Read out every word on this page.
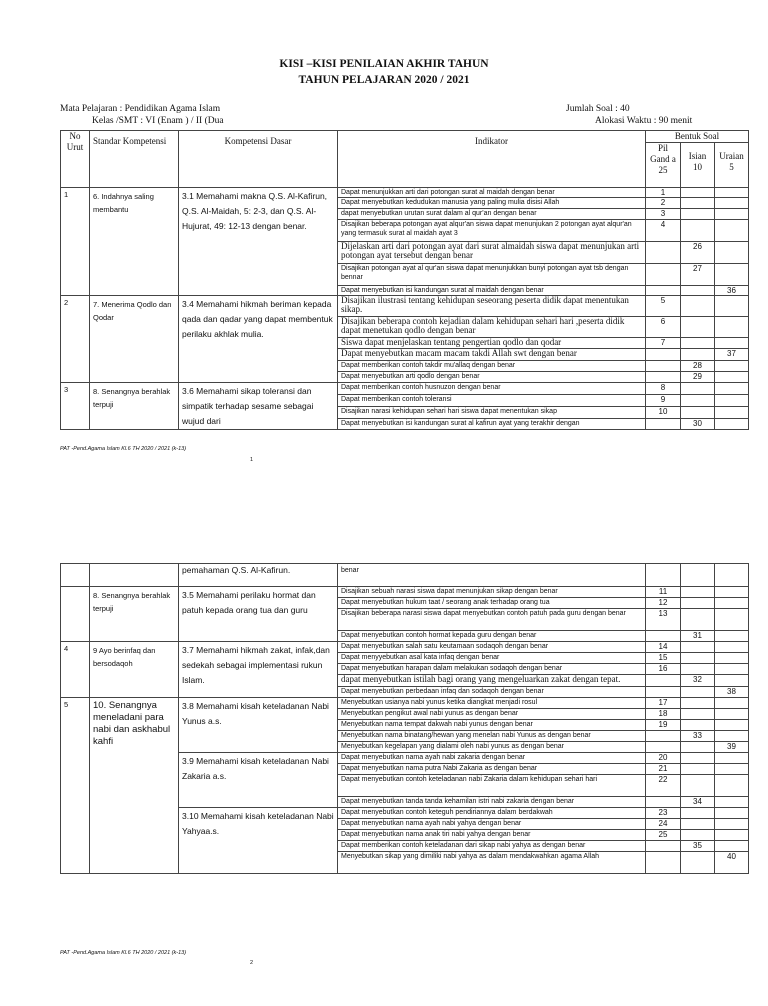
KISI –KISI PENILAIAN AKHIR TAHUN
TAHUN PELAJARAN 2020 / 2021
Mata Pelajaran : Pendidikan Agama Islam
Kelas /SMT : VI (Enam ) / II (Dua
Jumlah Soal : 40
Alokasi Waktu : 90 menit
No Urut	Standar Kompetensi	Kompetensi Dasar	Indikator	Bentuk Soal		
				Pil Gand a 25	Isian 10	Uraian 5
1	6. Indahnya saling membantu	3.1 Memahami makna Q.S. Al-Kafirun, Q.S. Al-Maidah, 5: 2-3, dan Q.S. Al-Hujurat, 49: 12-13 dengan benar.	Dapat menunjukkan arti dari potongan surat al maidah dengan benar	1		
			Dapat menyebutkan kedudukan manusia yang paling mulia disisi Allah	2		
			dapat menyebutkan urutan surat dalam al qur'an dengan benar	3		
			Disajikan beberapa potongan ayat alqur'an siswa dapat menunjukan 2 potongan ayat alqur'an yang termasuk surat al maidah ayat 3	4		
			Dijelaskan arti dari potongan ayat dari surat almaidah siswa dapat menunjukan arti potongan ayat tersebut dengan benar		26	
			Disajikan potongan ayat al qur'an siswa dapat menunjukkan bunyi potongan ayat tsb dengan bennar		27	
			Dapat menyebutkan isi kandungan surat al maidah dengan benar			36
2	7. Menerima Qodlo dan Qodar	3.4 Memahami hikmah beriman kepada qada dan qadar yang dapat membentuk perilaku akhlak mulia.	Disajikan ilustrasi tentang kehidupan seseorang peserta didik dapat menentukan sikap.	5		
			Disajikan beberapa contoh kejadian dalam kehidupan sehari hari ,peserta didik dapat menetukan qodlo dengan benar	6		
			Siswa dapat menjelaskan tentang pengertian qodlo dan qodar	7		
			Dapat menyebutkan macam macam takdi Allah swt dengan benar			37
			Dapat memberikan contoh takdir mu'allaq dengan benar		28	
			Dapat menyebutkan arti qodlo dengan benar		29	
3	8. Senangnya berahlak terpuji	3.6 Memahami sikap toleransi dan simpatik terhadap sesame sebagai wujud dari	Dapat memberikan contoh husnuzon dengan benar	8		
			Dapat memberikan contoh toleransi	9		
			Disajikan narasi kehidupan sehari hari siswa dapat menentukan sikap	10		
			Dapat menyebutkan isi kandungan surat al kafirun ayat yang terakhir dengan		30	
PAT -Pend.Agama Islam Kl.6 TH 2020 / 2021 (k-13)
1
		pemahaman Q.S. Al-Kafirun.	benar			
	8. Senangnya berahlak terpuji	3.5 Memahami perilaku hormat dan patuh kepada orang tua dan guru	Disajikan sebuah narasi siswa dapat menunjukan sikap dengan benar	11		
			Dapat menyebutkan hukum taat / seorang anak terhadap orang tua	12		
			Disajikan beberapa narasi siswa dapat menyebutkan contoh patuh pada guru dengan benar	13		
			Dapat menyebutkan contoh hormat kepada guru dengan benar		31	
4	9 Ayo berinfaq dan bersodaqoh	3.7 Memahami hikmah zakat, infak,dan sedekah sebagai implementasi rukun Islam.	Dapat menyebutkan salah satu keutamaan sodaqoh dengan benar	14		
			Dapat menyyebutkan asal kata infaq dengan benar	15		
			Dapat menyebutkan harapan dalam melakukan sodaqoh dengan benar	16		
			dapat menyebutkan istilah bagi orang yang mengeluarkan zakat dengan tepat.		32	
			Dapat menyebutkan perbedaan infaq dan sodaqoh dengan benar			38
5	10. Senangnya meneladani para nabi dan askhabul kahfi	3.8 Memahami kisah keteladanan Nabi Yunus a.s.	Menyebutkan usianya nabi yunus ketika diangkat menjadi rosul	17		
			Menyebutkan pengikut awal nabi yunus as dengan benar	18		
			Menyebutkan nama tempat dakwah nabi yunus dengan benar	19		
			Menyebutkan nama binatang/hewan yang menelan nabi Yunus as dengan benar		33	
			Menyebutkan kegelapan yang dialami oleh nabi yunus as dengan benar			39
		3.9 Memahami kisah keteladanan Nabi Zakaria a.s.	Dapat menyebutkan nama ayah nabi zakaria dengan benar	20		
			Dapat menyebutkan nama putra Nabi Zakaria as dengan benar	21		
			Dapat menyebutkan contoh keteladanan nabi Zakaria dalam kehidupan sehari hari	22		
			Dapat menyebutkan tanda tanda kehamilan istri nabi zakaria dengan benar		34	
		3.10 Memahami kisah keteladanan Nabi Yahyaa.s.	Dapat menyebutkan contoh keteguh pendiriannya dalam berdakwah	23		
			Dapat menyebutkan nama ayah nabi yahya dengan benar	24		
			Dapat menyebutkan nama anak tiri nabi yahya dengan benar	25		
			Dapat memberikan contoh keteladanan dari sikap nabi yahya as dengan benar		35	
			Menyebutkan sikap yang dimiliki nabi yahya as dalam mendakwahkan agama Allah			40
PAT -Pend.Agama Islam Kl.6 TH 2020 / 2021 (k-13)
2
